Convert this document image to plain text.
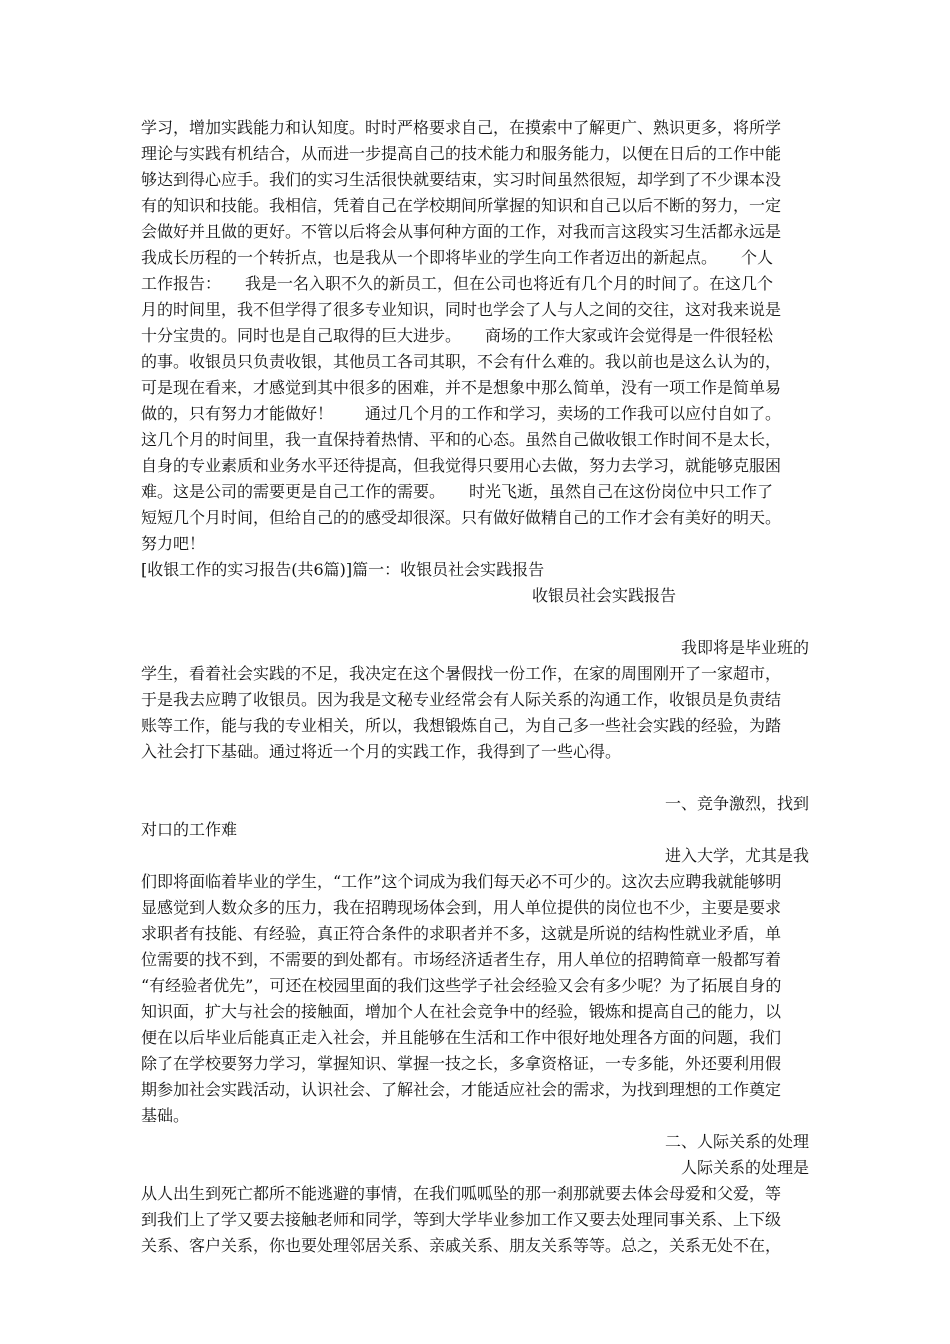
学习，增加实践能力和认知度。时时严格要求自己，在摸索中了解更广、熟识更多，将所学
理论与实践有机结合，从而进一步提高自己的技术能力和服务能力，以便在日后的工作中能
够达到得心应手。我们的实习生活很快就要结束，实习时间虽然很短，却学到了不少课本没
有的知识和技能。我相信，凭着自己在学校期间所掌握的知识和自己以后不断的努力，一定
会做好并且做的更好。不管以后将会从事何种方面的工作，对我而言这段实习生活都永远是
我成长历程的一个转折点，也是我从一个即将毕业的学生向工作者迈出的新起点。　　个人
工作报告：　　我是一名入职不久的新员工，但在公司也将近有几个月的时间了。在这几个
月的时间里，我不但学得了很多专业知识，同时也学会了人与人之间的交往，这对我来说是
十分宝贵的。同时也是自己取得的巨大进步。　　商场的工作大家或许会觉得是一件很轻松
的事。收银员只负责收银，其他员工各司其职，不会有什么难的。我以前也是这么认为的，
可是现在看来，才感觉到其中很多的困难，并不是想象中那么简单，没有一项工作是简单易
做的，只有努力才能做好！　　通过几个月的工作和学习，卖场的工作我可以应付自如了。
这几个月的时间里，我一直保持着热情、平和的心态。虽然自己做收银工作时间不是太长，
自身的专业素质和业务水平还待提高，但我觉得只要用心去做，努力去学习，就能够克服困
难。这是公司的需要更是自己工作的需要。　　时光飞逝，虽然自己在这份岗位中只工作了
短短几个月时间，但给自己的的感受却很深。只有做好做精自己的工作才会有美好的明天。
努力吧！
[收银工作的实习报告(共6篇)]篇一：收银员社会实践报告
收银员社会实践报告
我即将是毕业班的
学生，看着社会实践的不足，我决定在这个暑假找一份工作，在家的周围刚开了一家超市，
于是我去应聘了收银员。因为我是文秘专业经常会有人际关系的沟通工作，收银员是负责结
账等工作，能与我的专业相关，所以，我想锻炼自己，为自己多一些社会实践的经验，为踏
入社会打下基础。通过将近一个月的实践工作，我得到了一些心得。
一、竞争激烈，找到
对口的工作难
进入大学，尤其是我
们即将面临着毕业的学生，“工作”这个词成为我们每天必不可少的。这次去应聘我就能够明
显感觉到人数众多的压力，我在招聘现场体会到，用人单位提供的岗位也不少，主要是要求
求职者有技能、有经验，真正符合条件的求职者并不多，这就是所说的结构性就业矛盾，单
位需要的找不到，不需要的到处都有。市场经济适者生存，用人单位的招聘简章一般都写着
“有经验者优先”，可还在校园里面的我们这些学子社会经验又会有多少呢？为了拓展自身的
知识面，扩大与社会的接触面，增加个人在社会竞争中的经验，锻炼和提高自己的能力，以
便在以后毕业后能真正走入社会，并且能够在生活和工作中很好地处理各方面的问题，我们
除了在学校要努力学习，掌握知识、掌握一技之长，多拿资格证，一专多能，外还要利用假
期参加社会实践活动，认识社会、了解社会，才能适应社会的需求，为找到理想的工作奠定
基础。
二、人际关系的处理
人际关系的处理是
从人出生到死亡都所不能逃避的事情，在我们呱呱坠的那一刹那就要去体会母爱和父爱，等
到我们上了学又要去接触老师和同学，等到大学毕业参加工作又要去处理同事关系、上下级
关系、客户关系，你也要处理邻居关系、亲戚关系、朋友关系等等。总之，关系无处不在，
